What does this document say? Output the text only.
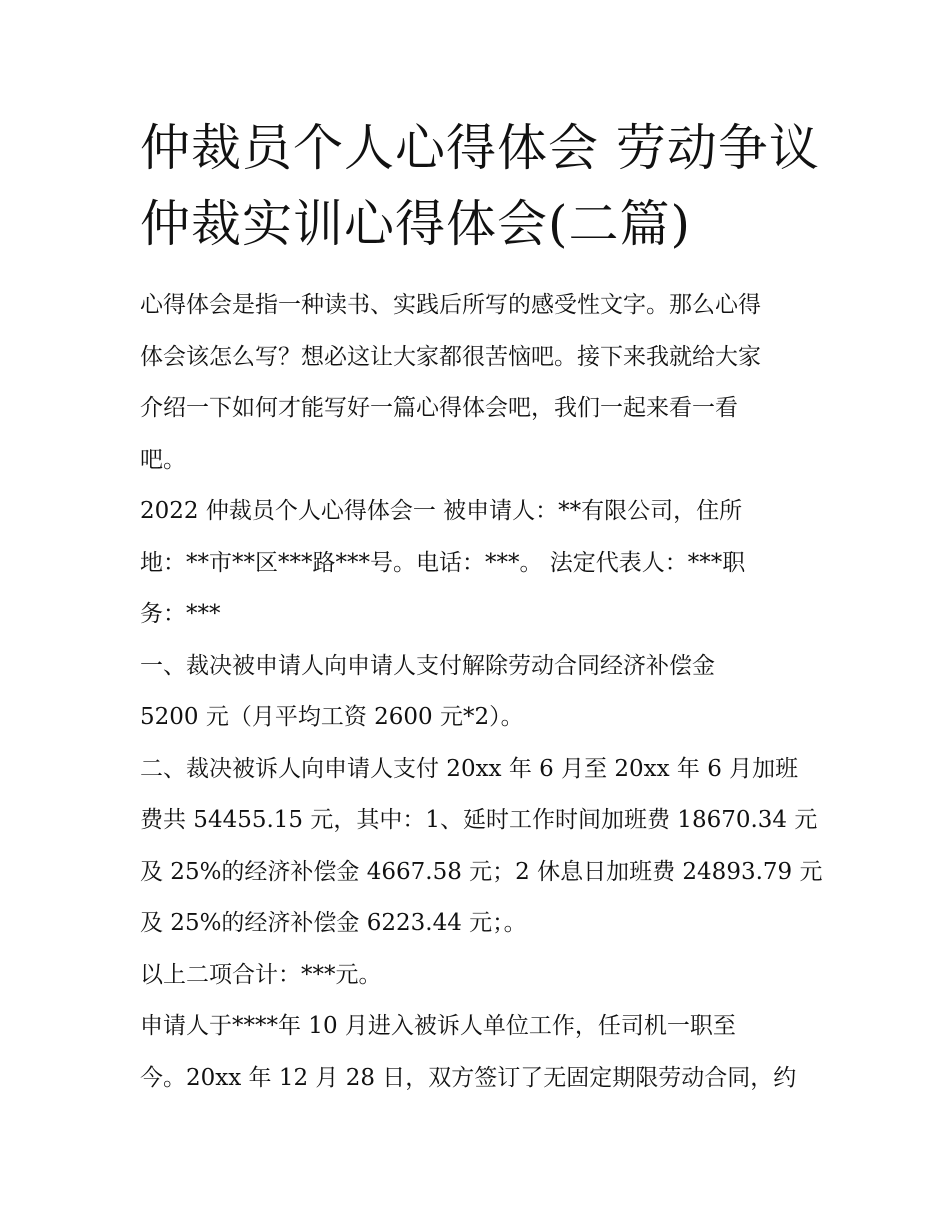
仲裁员个人心得体会 劳动争议
仲裁实训心得体会(二篇)

心得体会是指一种读书、实践后所写的感受性文字。那么心得
体会该怎么写？想必这让大家都很苦恼吧。接下来我就给大家
介绍一下如何才能写好一篇心得体会吧，我们一起来看一看
吧。

2022 仲裁员个人心得体会一 被申请人：**有限公司，住所
地：**市**区***路***号。电话：***。 法定代表人：***职
务：***

一、裁决被申请人向申请人支付解除劳动合同经济补偿金
5200 元（月平均工资 2600 元*2）。

二、裁决被诉人向申请人支付 20xx 年 6 月至 20xx 年 6 月加班
费共 54455.15 元，其中：1、延时工作时间加班费 18670.34 元
及 25%的经济补偿金 4667.58 元；2 休息日加班费 24893.79 元
及 25%的经济补偿金 6223.44 元；。

以上二项合计：***元。

申请人于****年 10 月进入被诉人单位工作，任司机一职至
今。20xx 年 12 月 28 日，双方签订了无固定期限劳动合同，约
